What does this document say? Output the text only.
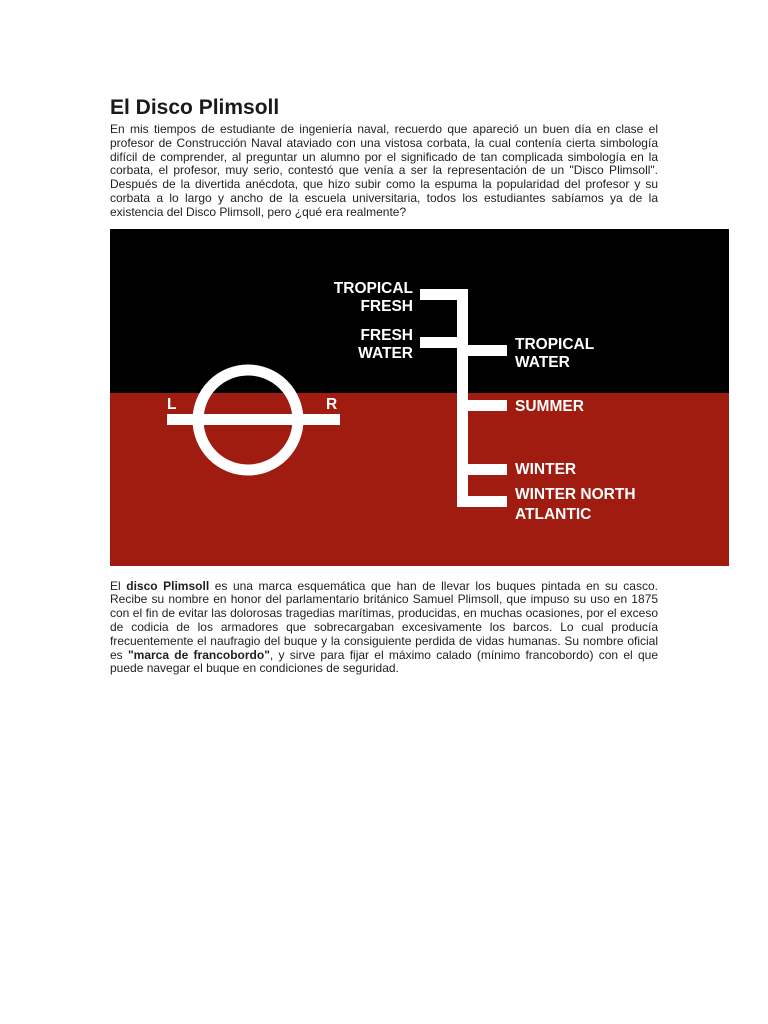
El Disco Plimsoll

En mis tiempos de estudiante de ingeniería naval, recuerdo que apareció un buen día en clase el profesor de Construcción Naval ataviado con una vistosa corbata, la cual contenía cierta simbología difícil de comprender, al preguntar un alumno por el significado de tan complicada simbología en la corbata, el profesor, muy serio, contestó que venía a ser la representación de un "Disco Plimsoll". Después de la divertida anécdota, que hizo subir como la espuma la popularidad del profesor y su corbata a lo largo y ancho de la escuela universitaria, todos los estudiantes sabíamos ya de la existencia del Disco Plimsoll, pero ¿qué era realmente?

L	R
TROPICAL
FRESH
FRESH
WATER
TROPICAL
WATER
SUMMER
WINTER
WINTER NORTH
ATLANTIC

El disco Plimsoll es una marca esquemática que han de llevar los buques pintada en su casco. Recibe su nombre en honor del parlamentario británico Samuel Plimsoll, que impuso su uso en 1875 con el fin de evitar las dolorosas tragedias marítimas, producidas, en muchas ocasiones, por el exceso de codicia de los armadores que sobrecargaban excesivamente los barcos. Lo cual producía frecuentemente el naufragio del buque y la consiguiente perdida de vidas humanas. Su nombre oficial es "marca de francobordo", y sirve para fijar el máximo calado (mínimo francobordo) con el que puede navegar el buque en condiciones de seguridad.
